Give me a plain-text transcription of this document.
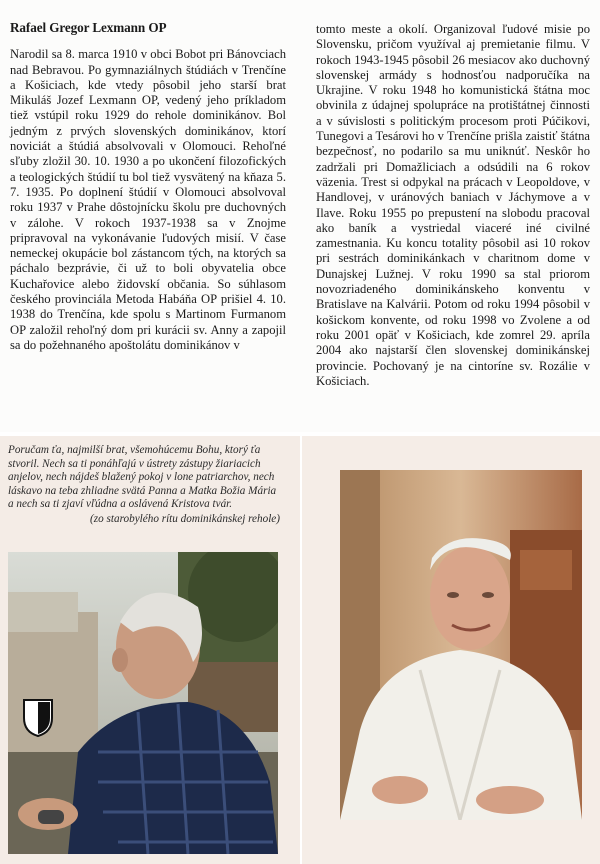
Rafael Gregor Lexmann OP

Narodil sa 8. marca 1910 v obci Bobot pri Bánovciach nad Bebravou. Po gymnaziálnych štúdiách v Trenčíne a Košiciach, kde vtedy pôsobil jeho starší brat Mikuláš Jozef Lexmann OP, vedený jeho príkladom tiež vstúpil roku 1929 do rehole dominikánov. Bol jedným z prvých slovenských dominikánov, ktorí noviciát a štúdiá absolvovali v Olomouci. Rehoľné sľuby zložil 30. 10. 1930 a po ukončení filozofických a teologických štúdií tu bol tiež vysvätený na kňaza 5. 7. 1935. Po doplnení štúdií v Olomouci absolvoval roku 1937 v Prahe dôstojnícku školu pre duchovných v zálohe. V rokoch 1937-1938 sa v Znojme pripravoval na vykonávanie ľudových misií. V čase nemeckej okupácie bol zástancom tých, na ktorých sa páchalo bezprávie, či už to boli obyvatelia obce Kuchařovice alebo židovskí občania. So súhlasom českého provinciála Metoda Habáňa OP prišiel 4. 10. 1938 do Trenčína, kde spolu s Martinom Furmanom OP založil rehoľný dom pri kuráciі sv. Anny a zapojil sa do požehnaného apoštolátu dominikánov v

tomto meste a okolí. Organizoval ľudové misie po Slovensku, pričom využíval aj premietanie filmu. V rokoch 1943-1945 pôsobil 26 mesiacov ako duchovný slovenskej armády s hodnosťou nadporučíka na Ukrajine. V roku 1948 ho komunistická štátna moc obvinila z údajnej spolupráce na protištátnej činnosti a v súvislosti s politickým procesom proti Púčikovi, Tunegovi a Tesárovi ho v Trenčíne prišla zaistiť štátna bezpečnosť, no podarilo sa mu uniknúť. Neskôr ho zadržali pri Domažliciach a odsúdili na 6 rokov väzenia. Trest si odpykal na prácach v Leopoldove, v Handlovej, v uránových baniach v Jáchymove a v Ilave. Roku 1955 po prepustení na slobodu pracoval ako baník a vystriedal viaceré iné civilné zamestnania. Ku koncu totality pôsobil asi 10 rokov pri sestrách dominikánkach v charitnom dome v Dunajskej Lužnej. V roku 1990 sa stal priorom novozriadeného dominikánskeho konventu v Bratislave na Kalvárii. Potom od roku 1994 pôsobil v košickom konvente, od roku 1998 vo Zvolene a od roku 2001 opäť v Košiciach, kde zomrel 29. apríla 2004 ako najstarší člen slovenskej dominikánskej provincie. Pochovaný je na cintoríne sv. Rozálie v Košiciach.

Poručam ťa, najmilší brat, všemohúcemu Bohu, ktorý ťa stvoril. Nech sa ti ponáhľajú v ústrety zástupy žiariacich anjelov, nech nájdeš blažený pokoj v lone patriarchov, nech láskavo na teba zhliadne svätá Panna a Matka Božia Mária a nech sa ti zjaví vľúdna a oslávená Kristova tvár.
(zo starobylého rítu dominikánskej rehole)
